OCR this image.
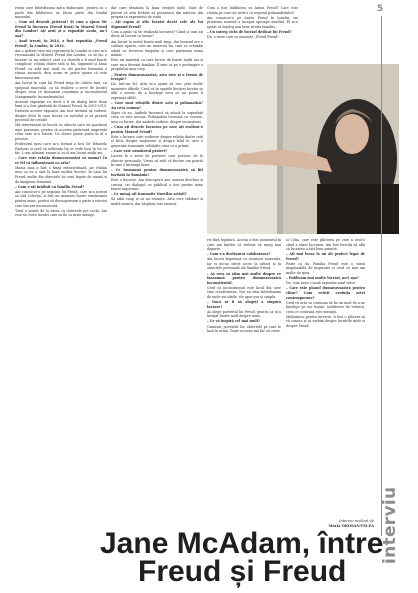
rentă care întotdeauna mă-a îmbucurat, pentru că o parte din biblioteca sa făcea parte din fondul muzeului.

– Cum ați devenit prieteni? Și cum a ajuns Sir Freud la lucrarea (Freud Bust) în Muzeul Freud din Londra? Ați avut și o expoziție acolo, nu-i așa?

– Anul trecut, în 2014, a fost expoziția „Freud Freud", la Londra, în 2014.

Am o galerie care mă reprezintă în Londra și care m-a recomandat la Muzeul Freud din Londra, ca să fac o lucrare cu un subiect care s-a dovedit a fi unul foarte complicat: relația dintre tată și fiu, Sigmund și Anna Freud, cu atât mai mult cu cât partea feminină a rămas ascunsă, deși acum se poate spune că este binecunoscută.

Am lucrat în casa lui Freud timp de câteva luni, cu sprijinul muzeului, ca să realizez o serie de lucrări despre ceea ce înseamnă conștiința și inconștientul (Anagramele Inconștientului).

Această expoziție s-a dorit a fi un dialog între două lumi și a fost găzduită de Muzeul Freud, în 2009-2010. Datorită acestei expoziții, am fost invitată să vorbesc despre felul în care lucrez cu metalul și să prezint procesul de creație.

Mă interesează să lucrez cu obiecte care au aparținut unei persoane, pentru că acestea păstrează amprenta celui care le-a folosit. Un obiect poate purta în el o poveste.

Profesorul meu care m-a format a fost Sir Eduardo Paolozzi și cred că influența lui se vede încă în tot ce fac. L-am admirat enorm și cu el am lucrat mulți ani.

– Care este relația dumneavoastră cu mama? În ce fel vă influențează ea arta?

Mama mea a fost o ființă extraordinară, iar relația mea cu ea a stat la baza multor lucrări. În casa lui Freud, multe din obiectele lui sunt legate de mamă și de imaginea feminină.

– Cum v-ați întâlnit cu familia Freud?

Am cunoscut-o pe nepoata lui Freud, care m-a invitat să văd colecția. A fost un moment foarte emoționant pentru mine, pentru că descoperisem o parte a istoriei care îmi era necunoscută.

Totul a pornit de la ideea că obiectele pot vorbi. Am vrut să creez lucrări care să fie ca niște mesaje.

dar care rămânea la baza creației mele. Sunt de părere că arta trebuie să pornească din interior, din propria ta experiență de viață.

– Ați expus și alte lucrări decât cele ale lui Sigmund Freud?

Cum a ajuns să fie realizată lucrarea? Când și cum ați decis să lucrați cu bronz?

Am lucrat în metal foarte mult timp, dar bronzul are o calitate aparte, este un material viu care se schimbă odată cu trecerea timpului și care păstrează urma mâinii.

Este un material cu care lucrez de foarte mulți ani și care mi-a devenit familiar. Îl simt ca pe o prelungire a propriului meu corp.

– Pentru dumneavoastră, arta este și o formă de terapie?

Da, într-un fel. Arta m-a ajutat să trec prin multe momente dificile. Cred că în spatele fiecărei lucrări se află o nevoie de a înțelege ceva ce nu poate fi exprimat altfel.

– Care sunt relațiile dintre artă și psihanaliză? Au ceva comun?

Sigur că au. Ambele încearcă să aducă la suprafață ceea ce este ascuns. Psihanaliza lucrează cu cuvinte, arta cu forme, dar ambele vorbesc despre inconștient.

– Cum ați descrie lucrarea pe care ați realizat-o pentru Muzeul Freud?

Este o lucrare care vorbește despre relația dintre tată și fiică, despre moștenire și despre felul în care o generație transmite celeilalte ceea ce a primit.

– Care este următorul proiect?

Lucrez la o serie de portrete care pornesc de la obiecte personale. Vreau să arăt că fiecare om poartă în sine o întreagă lume.

– Ce înseamnă pentru dumneavoastră să fiți invitată în România?

Este o bucurie. Am descoperit aici oameni deschiși și curioși, iar dialogul cu publicul a fost pentru mine foarte important.

– Ce mesaj ați transmite tinerilor artiști?

Să aibă curaj și să nu renunțe. Arta cere răbdare și multă muncă, dar răsplata este imensă.

Cum a fost întâlnirea cu Anton Freud? Care este relația pe care ați avut-o cu nepotul psihanalistului?

Am cunoscut-o pe Anton Freud în Londra, iar prietenia noastră a început aproape imediat. El m-a ajutat să înțeleg mai bine istoria familiei.

– Un întreg ciclu de lucrări dedicat lui Freud?

Da, o serie care se numește „Freud Freud".

rei fără legătură. Acesta a fost momentul în care am înțeles că trebuie să merg mai departe.

– Cum s-a desfășurat colaborarea?

Am lucrat împreună cu curatorii muzeului, iar ei mi-au oferit acces la arhivă și la obiectele personale ale familiei Freud.

– Aș vrea să știm mai multe despre ce înseamnă pentru dumneavoastră inconștientul.

Cred că inconștientul este locul din care vine creativitatea. Noi nu știm întotdeauna de unde vin ideile, ele apar pur și simplu.

– Dacă ar fi să alegeți o singură lucrare?

Aș alege portretul lui Freud, pentru că m-a învățat foarte mult despre mine.

– Ce vă inspiră cel mai mult?

Oamenii, poveștile lor, obiectele pe care le lasă în urmă. Toate acestea mă fac să creez.

și Celia, care este plăcerea pe care a avut-o când a văzut lucrarea. Am fost fericită să aflu că lucrarea a fost bine primită.

– Ați mai lucra la un alt proiect legat de Freud?

Poate că da. Familia Freud este o sursă inepuizabilă de inspirație și cred că mai am multe de spus.

– Publicăm mai multe lucrări, nu-i așa?

Da, vom avea o nouă expoziție anul viitor.

– Care este planul dumneavoastră pentru viitor? Cum vedeți evoluția artei contemporane?

Cred că arta va continua să fie un mod de a ne înțelege pe noi înșine. Indiferent de tehnică, ceea ce contează este mesajul.

Mulțumesc pentru interviu. A fost o plăcere să vă cunosc și să vorbim despre lucrările mele și despre Freud.

5
interviu
Interviu realizat de
Maria OROSAN-TELEA
Jane McAdam, între
Freud și Freud
